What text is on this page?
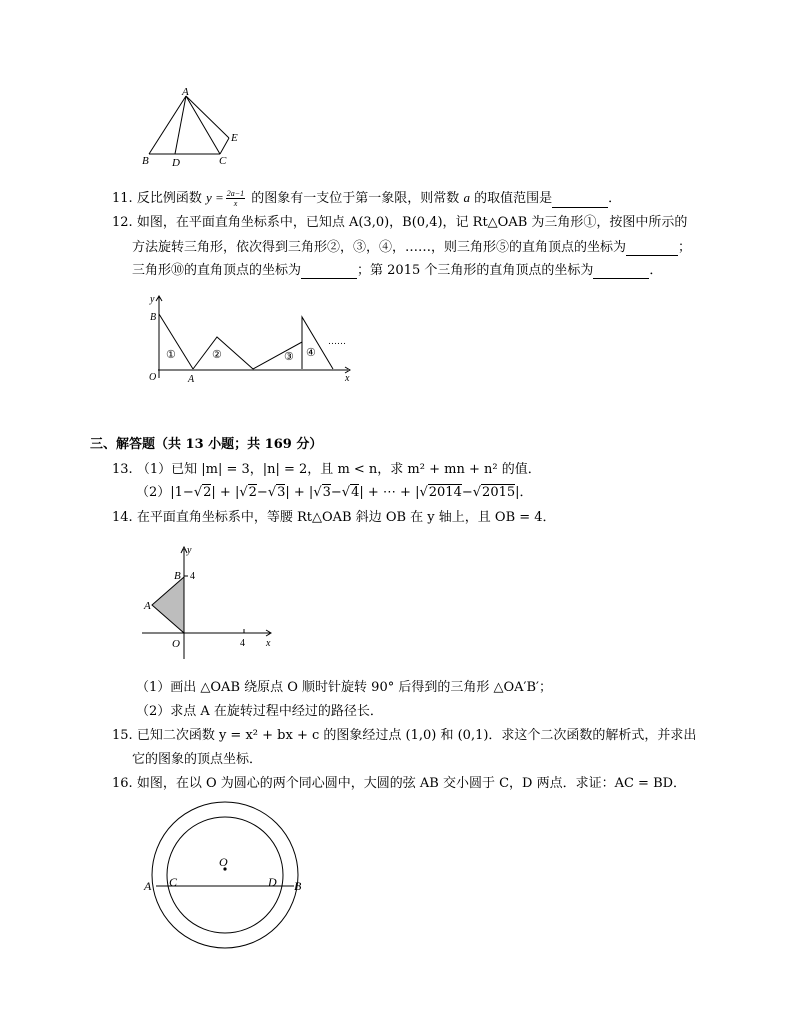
A
B D	C
E
11. 反比例函数 $y = \frac{2a-1}{x}$ 的图象有一支位于第一象限，则常数 a 的取值范围是	．
12. 如图，在平面直角坐标系中，已知点 A(3,0)，B(0,4)，记 Rt△OAB 为三角形①，按图中所示的
方法旋转三角形，依次得到三角形②，③，④，……，则三角形⑤的直角顶点的坐标为	；
三角形⑩的直角顶点的坐标为	；第 2015 个三角形的直角顶点的坐标为	．
y
x
O	A
B
①	②	③ ④
……
三、解答题（共 13 小题；共 169 分）
13. （1）已知 |m| = 3，|n| = 2，且 m < n，求 m² + mn + n² 的值．
（2）|1−√2| + |√2−√3| + |√3−√4| + ⋯ + |√2014−√2015|．
14. 在平面直角坐标系中，等腰 Rt△OAB 斜边 OB 在 y 轴上，且 OB = 4．
y
x
O
A
B 4
4
（1）画出 △OAB 绕原点 O 顺时针旋转 90° 后得到的三角形 △OA′B′；
（2）求点 A 在旋转过程中经过的路径长．
15. 已知二次函数 y = x² + bx + c 的图象经过点 (1,0) 和 (0,1)．求这个二次函数的解析式，并求出
它的图象的顶点坐标．
16. 如图，在以 O 为圆心的两个同心圆中，大圆的弦 AB 交小圆于 C，D 两点．求证：AC = BD．
O
A C	D B
